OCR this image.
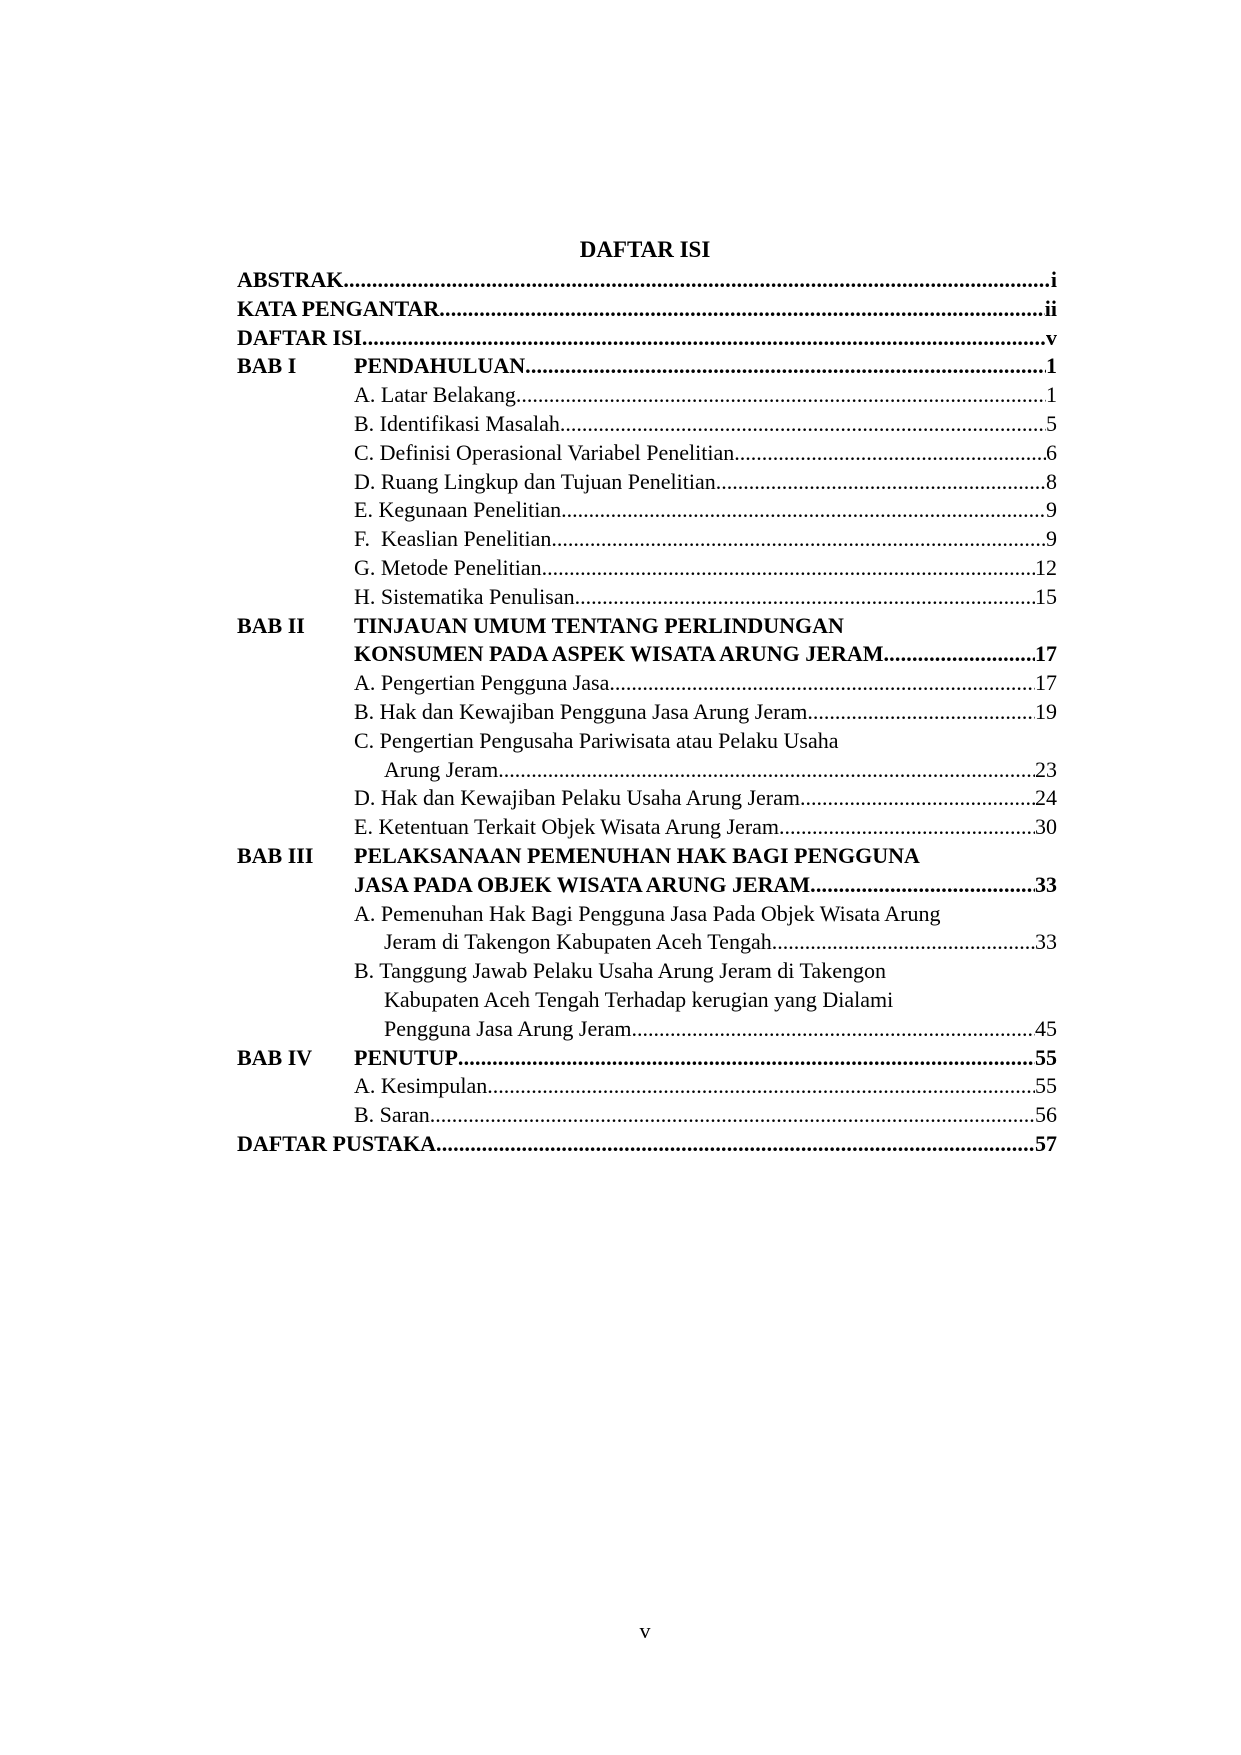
DAFTAR ISI
ABSTRAK .....	i
KATA PENGANTAR .....	ii
DAFTAR ISI .....	v
BAB I	PENDAHULUAN .....	1
A. Latar Belakang .....	1
B. Identifikasi Masalah .....	5
C. Definisi Operasional Variabel Penelitian .....	6
D. Ruang Lingkup dan Tujuan Penelitian .....	8
E. Kegunaan Penelitian .....	9
F.  Keaslian Penelitian .....	9
G. Metode Penelitian .....	12
H. Sistematika Penulisan .....	15
BAB II TINJAUAN UMUM TENTANG PERLINDUNGAN
KONSUMEN PADA ASPEK WISATA ARUNG JERAM .....	17
A. Pengertian Pengguna Jasa .....	17
B. Hak dan Kewajiban Pengguna Jasa Arung Jeram .....	19
C. Pengertian Pengusaha Pariwisata atau Pelaku Usaha
Arung Jeram .....	23
D. Hak dan Kewajiban Pelaku Usaha Arung Jeram .....	24
E. Ketentuan Terkait Objek Wisata Arung Jeram .....	30
BAB III PELAKSANAAN PEMENUHAN HAK BAGI PENGGUNA
JASA PADA OBJEK WISATA ARUNG JERAM .....	33
A. Pemenuhan Hak Bagi Pengguna Jasa Pada Objek Wisata Arung
Jeram di Takengon Kabupaten Aceh Tengah .....	33
B. Tanggung Jawab Pelaku Usaha Arung Jeram di Takengon
Kabupaten Aceh Tengah Terhadap kerugian yang Dialami
Pengguna Jasa Arung Jeram .....	45
BAB IV PENUTUP .....	55
A. Kesimpulan .....	55
B. Saran .....	56
DAFTAR PUSTAKA .....	57
v
